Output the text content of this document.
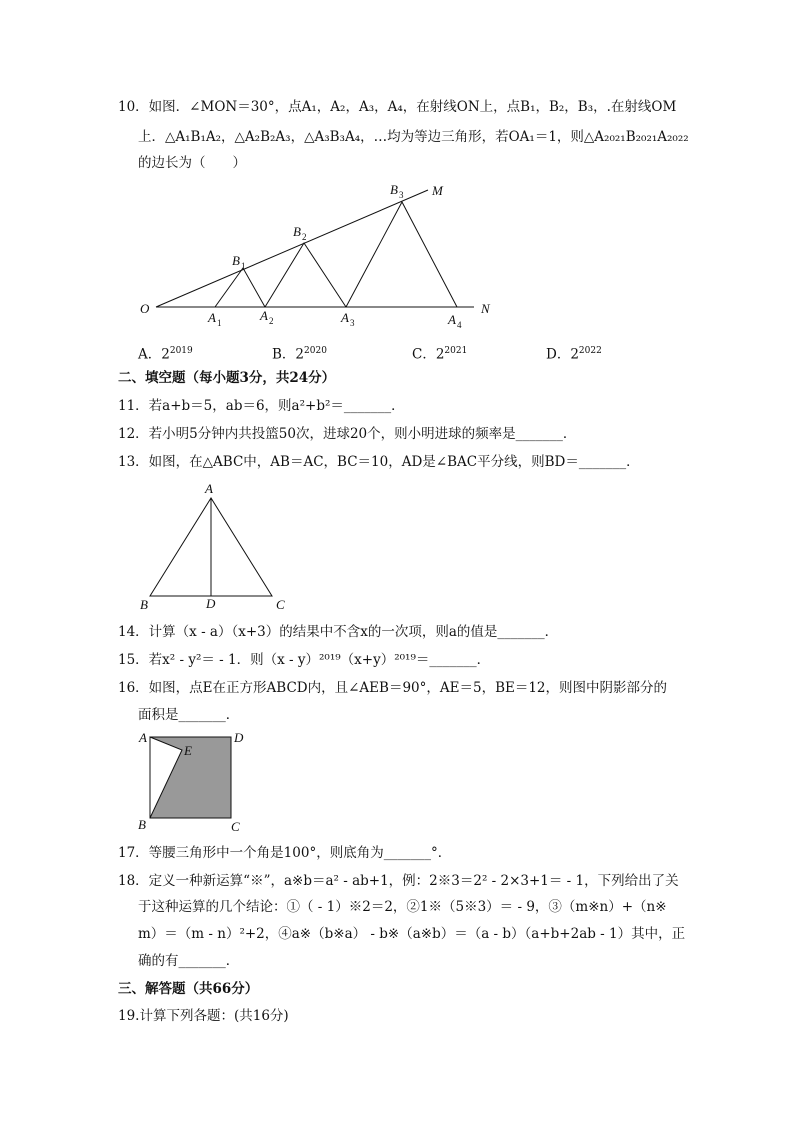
10．如图．∠MON＝30°，点A₁，A₂，A₃，A₄，在射线ON上，点B₁，B₂，B₃，.在射线OM
上．△A₁B₁A₂，△A₂B₂A₃，△A₃B₃A₄，…均为等边三角形，若OA₁＝1，则△A₂₀₂₁B₂₀₂₁A₂₀₂₂
的边长为（　　）
O
M
N
A 1	A 2	A 3	A 4
B 1
B 2
B 3
A．$2^{2019}$	B．$2^{2020}$	C．$2^{2021}$	D．$2^{2022}$
二、填空题（每小题3分，共24分）
11．若a+b＝5，ab＝6，则a²+b²＝_______．
12．若小明5分钟内共投篮50次，进球20个，则小明进球的频率是_______．
13．如图，在△ABC中，AB＝AC，BC＝10，AD是∠BAC平分线，则BD＝_______．
A
B	D	C
14．计算（x - a）（x+3）的结果中不含x的一次项，则a的值是_______．
15．若x² - y²＝ - 1．则（x - y）²⁰¹⁹（x+y）²⁰¹⁹＝_______．
16．如图，点E在正方形ABCD内，且∠AEB＝90°，AE＝5，BE＝12，则图中阴影部分的
面积是_______．
A	D
E
B	C
17．等腰三角形中一个角是100°，则底角为_______°．
18．定义一种新运算“※”，a※b＝a² - ab+1，例：2※3＝2² - 2×3+1＝ - 1，下列给出了关
于这种运算的几个结论：①（ - 1）※2＝2，②1※（5※3）＝ - 9，③（m※n）+（n※
m）＝（m - n）²+2，④a※（b※a） - b※（a※b）＝（a - b）（a+b+2ab - 1）其中，正
确的有_______．
三、解答题（共66分）
19.计算下列各题：(共16分)
